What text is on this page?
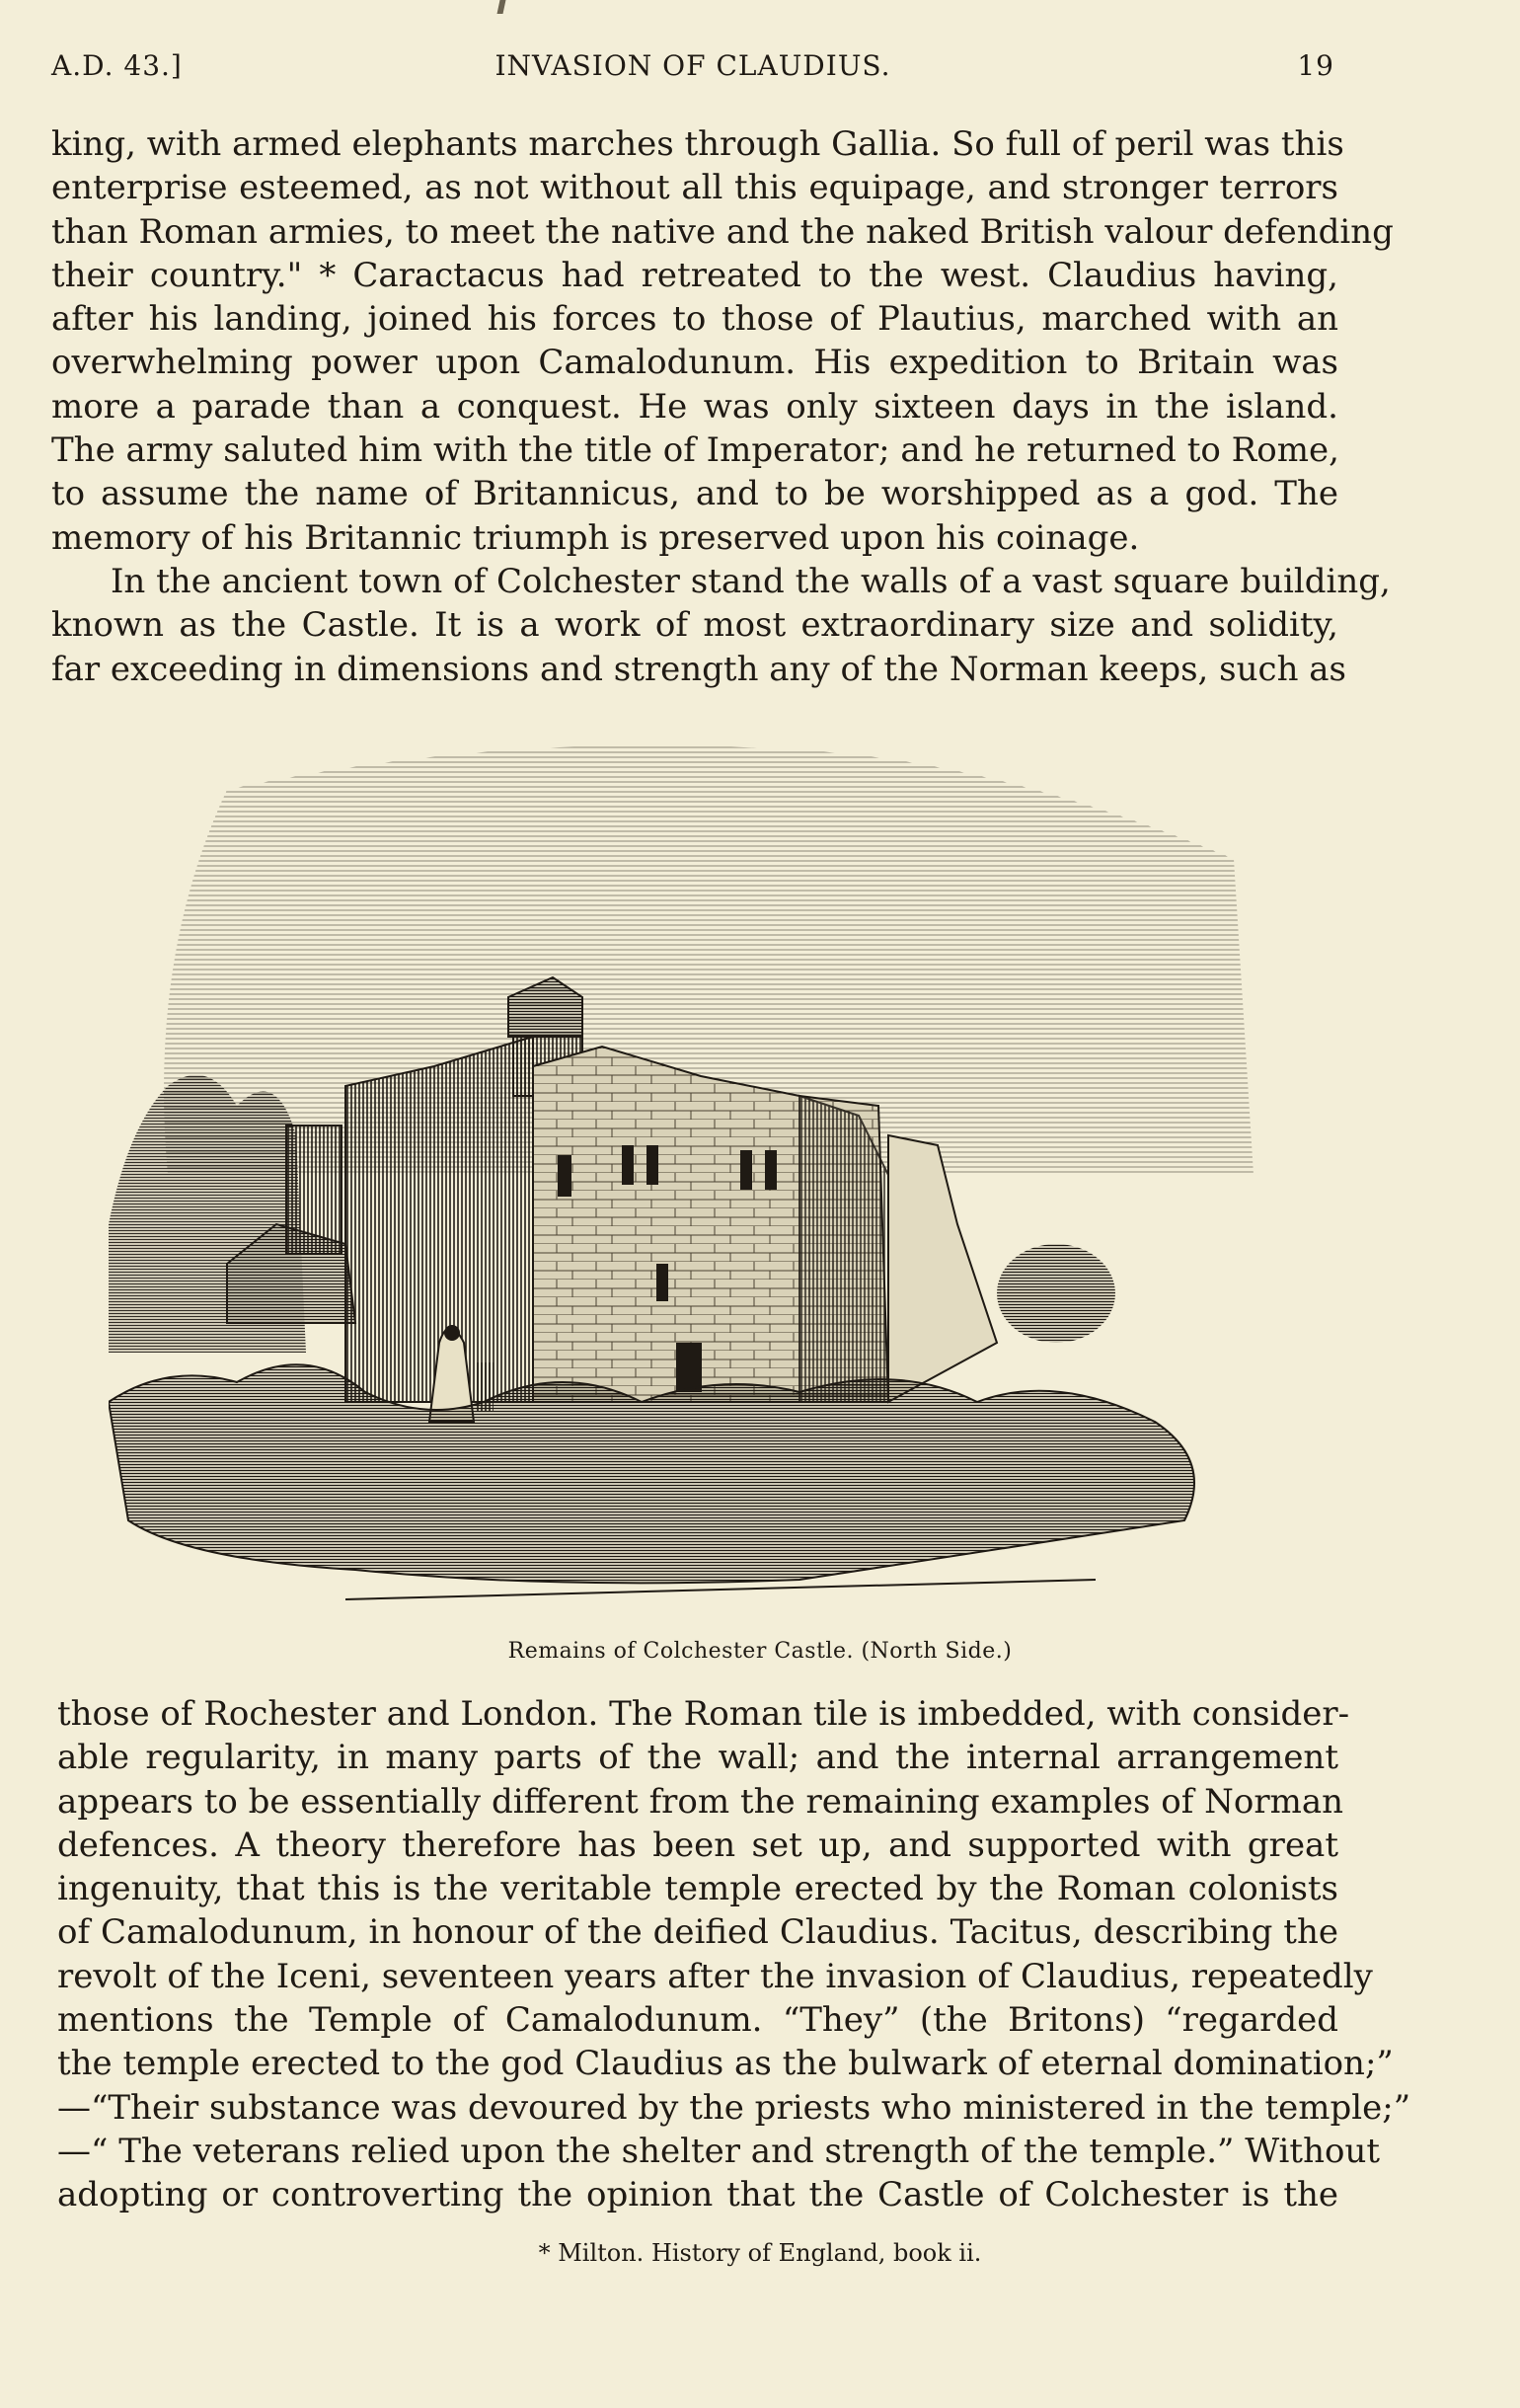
A.D. 43.]	INVASION OF CLAUDIUS.	19
king, with armed elephants marches through Gallia. So full of peril was this
enterprise esteemed, as not without all this equipage, and stronger terrors
than Roman armies, to meet the native and the naked British valour defending
their country." * Caractacus had retreated to the west. Claudius having,
after his landing, joined his forces to those of Plautius, marched with an
overwhelming power upon Camalodunum. His expedition to Britain was
more a parade than a conquest. He was only sixteen days in the island.
The army saluted him with the title of Imperator; and he returned to Rome,
to assume the name of Britannicus, and to be worshipped as a god. The
memory of his Britannic triumph is preserved upon his coinage.
In the ancient town of Colchester stand the walls of a vast square building,
known as the Castle. It is a work of most extraordinary size and solidity,
far exceeding in dimensions and strength any of the Norman keeps, such as
Remains of Colchester Castle. (North Side.)
those of Rochester and London. The Roman tile is imbedded, with consider-
able regularity, in many parts of the wall; and the internal arrangement
appears to be essentially different from the remaining examples of Norman
defences. A theory therefore has been set up, and supported with great
ingenuity, that this is the veritable temple erected by the Roman colonists
of Camalodunum, in honour of the deified Claudius. Tacitus, describing the
revolt of the Iceni, seventeen years after the invasion of Claudius, repeatedly
mentions the Temple of Camalodunum. “They” (the Britons) “regarded
the temple erected to the god Claudius as the bulwark of eternal domination;”
—“Their substance was devoured by the priests who ministered in the temple;”
—“ The veterans relied upon the shelter and strength of the temple.” Without
adopting or controverting the opinion that the Castle of Colchester is the
* Milton. History of England, book ii.
